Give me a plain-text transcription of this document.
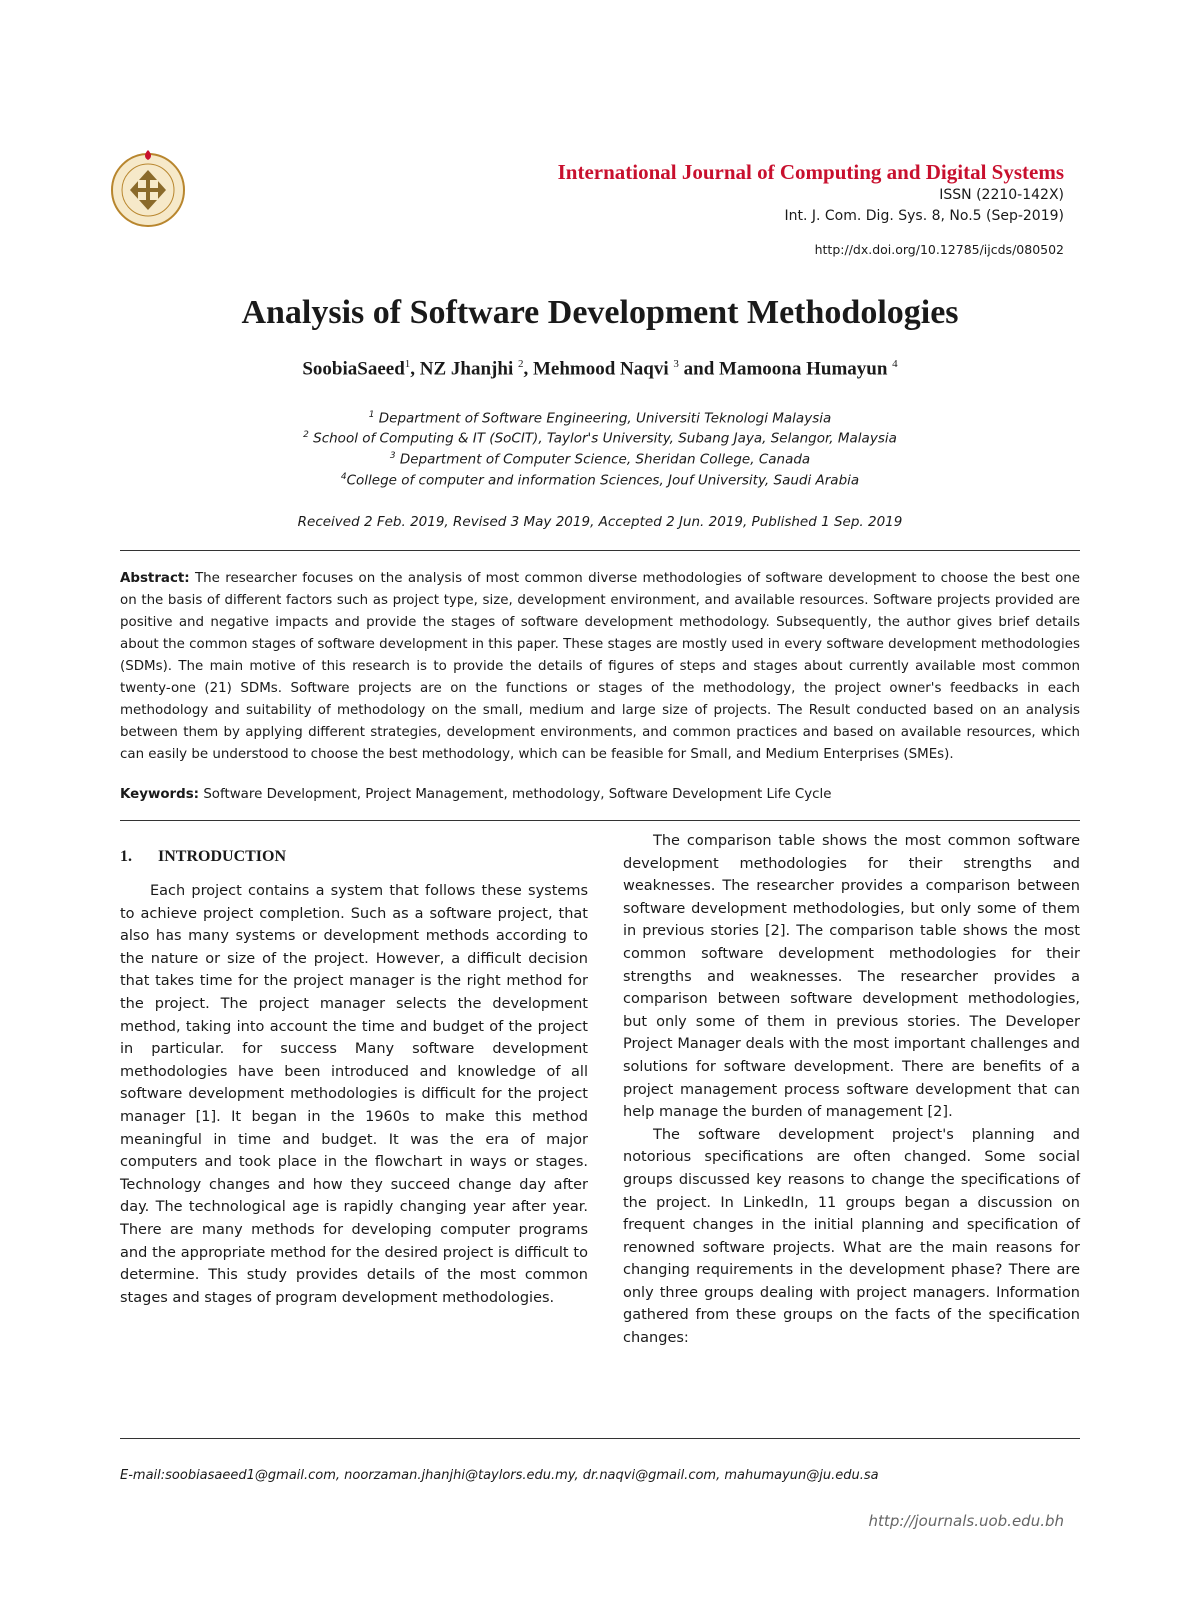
International Journal of Computing and Digital Systems
ISSN (2210-142X)
Int. J. Com. Dig. Sys. 8, No.5 (Sep-2019)
http://dx.doi.org/10.12785/ijcds/080502
Analysis of Software Development Methodologies
SoobiaSaeed$^1$, NZ Jhanjhi $^2$, Mehmood Naqvi $^3$ and Mamoona Humayun $^4$
$^1$ Department of Software Engineering, Universiti Teknologi Malaysia
$^2$ School of Computing & IT (SoCIT), Taylor's University, Subang Jaya, Selangor, Malaysia
$^3$ Department of Computer Science, Sheridan College, Canada
$^4$College of computer and information Sciences, Jouf University, Saudi Arabia
Received 2 Feb. 2019, Revised 3 May 2019, Accepted 2 Jun. 2019, Published 1 Sep. 2019
Abstract: The researcher focuses on the analysis of most common diverse methodologies of software development to choose the best one on the basis of different factors such as project type, size, development environment, and available resources. Software projects provided are positive and negative impacts and provide the stages of software development methodology. Subsequently, the author gives brief details about the common stages of software development in this paper. These stages are mostly used in every software development methodologies (SDMs). The main motive of this research is to provide the details of figures of steps and stages about currently available most common twenty-one (21) SDMs. Software projects are on the functions or stages of the methodology, the project owner's feedbacks in each methodology and suitability of methodology on the small, medium and large size of projects. The Result conducted based on an analysis between them by applying different strategies, development environments, and common practices and based on available resources, which can easily be understood to choose the best methodology, which can be feasible for Small, and Medium Enterprises (SMEs).
Keywords: Software Development, Project Management, methodology, Software Development Life Cycle
1. INTRODUCTION

Each project contains a system that follows these systems to achieve project completion. Such as a software project, that also has many systems or development methods according to the nature or size of the project. However, a difficult decision that takes time for the project manager is the right method for the project. The project manager selects the development method, taking into account the time and budget of the project in particular. for success Many software development methodologies have been introduced and knowledge of all software development methodologies is difficult for the project manager [1]. It began in the 1960s to make this method meaningful in time and budget. It was the era of major computers and took place in the flowchart in ways or stages. Technology changes and how they succeed change day after day. The technological age is rapidly changing year after year. There are many methods for developing computer programs and the appropriate method for the desired project is difficult to determine. This study provides details of the most common stages and stages of program development methodologies.

The comparison table shows the most common software development methodologies for their strengths and weaknesses. The researcher provides a comparison between software development methodologies, but only some of them in previous stories [2]. The comparison table shows the most common software development methodologies for their strengths and weaknesses. The researcher provides a comparison between software development methodologies, but only some of them in previous stories. The Developer Project Manager deals with the most important challenges and solutions for software development. There are benefits of a project management process software development that can help manage the burden of management [2].

The software development project's planning and notorious specifications are often changed. Some social groups discussed key reasons to change the specifications of the project. In LinkedIn, 11 groups began a discussion on frequent changes in the initial planning and specification of renowned software projects. What are the main reasons for changing requirements in the development phase? There are only three groups dealing with project managers. Information gathered from these groups on the facts of the specification changes:

E-mail:soobiasaeed1@gmail.com, noorzaman.jhanjhi@taylors.edu.my, dr.naqvi@gmail.com, mahumayun@ju.edu.sa
http://journals.uob.edu.bh
